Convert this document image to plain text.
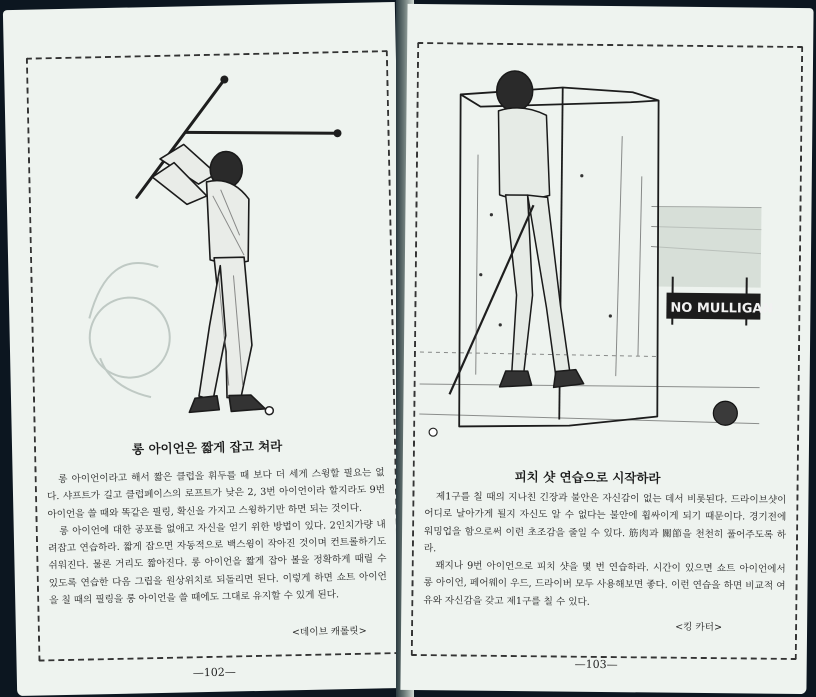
롱 아이언은 짧게 잡고 쳐라

롱 아이언이라고 해서 짧은 클럽을 휘두를 때 보다 더 세게 스윙할 필요는 없다. 샤프트가 길고 클럽페이스의 로프트가 낮은 2, 3번 아이언이라 할지라도 9번 아이언을 쓸 때와 똑같은 필링, 확신을 가지고 스윙하기만 하면 되는 것이다.

롱 아이언에 대한 공포를 없애고 자신을 얻기 위한 방법이 있다. 2인치가량 내려잡고 연습하라. 짧게 잡으면 자동적으로 백스윙이 작아진 것이며 컨트롤하기도 쉬워진다. 물론 거리도 짧아진다. 롱 아이언을 짧게 잡아 볼을 정확하게 때릴 수 있도록 연습한 다음 그립을 원상위치로 되돌리면 된다. 이렇게 하면 쇼트 아이언을 칠 때의 필링을 롱 아이언을 쓸 때에도 그대로 유지할 수 있게 된다.

<데이브 캐롤릿>
—102—
NO MULLIGAN
피치 샷 연습으로 시작하라

제1구를 칠 때의 지나친 긴장과 불안은 자신감이 없는 데서 비롯된다. 드라이브샷이 어디로 날아가게 될지 자신도 알 수 없다는 불안에 휩싸이게 되기 때문이다. 경기전에 워밍업을 함으로써 이런 초조감을 줄일 수 있다. 筋肉과 關節을 천천히 풀어주도록 하라.

꽤지나 9번 아이언으로 피치 샷을 몇 번 연습하라. 시간이 있으면 쇼트 아이언에서 롱 아이언, 페어웨이 우드, 드라이버 모두 사용해보면 좋다. 이런 연습을 하면 비교적 여유와 자신감을 갖고 제1구를 칠 수 있다.

<킹 카터>
—103—
